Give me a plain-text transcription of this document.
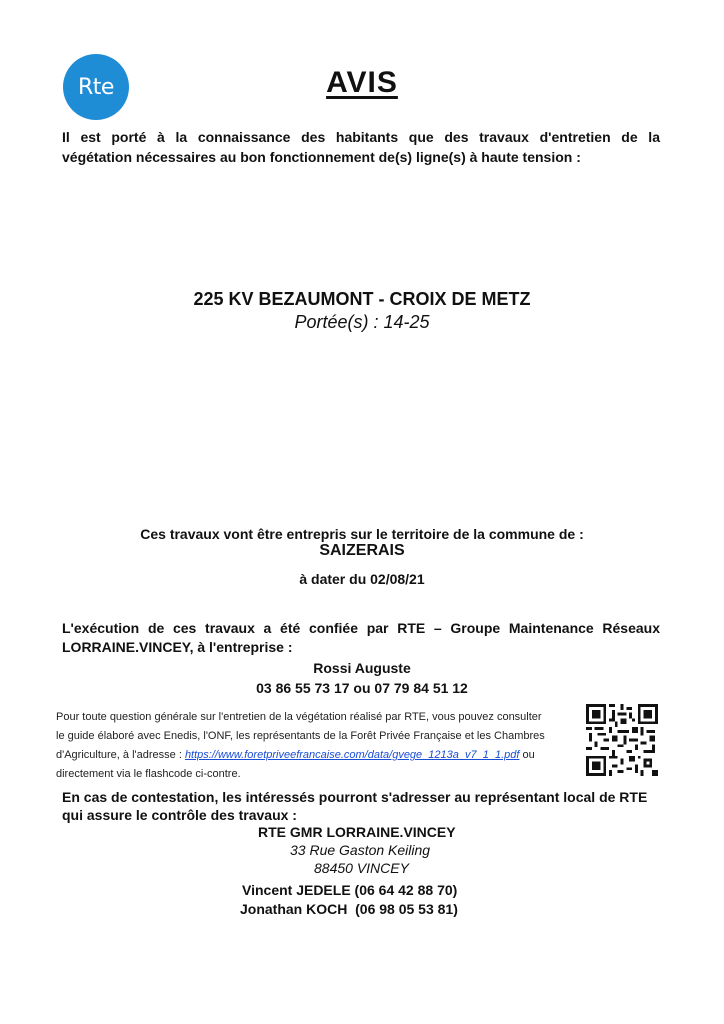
Rte	AVIS
Il est porté à la connaissance des habitants que des travaux d'entretien de la
végétation nécessaires au bon fonctionnement de(s) ligne(s) à haute tension :
225 KV BEZAUMONT - CROIX DE METZ
Portée(s) : 14-25
Ces travaux vont être entrepris sur le territoire de la commune de :
SAIZERAIS
à dater du 02/08/21
L'exécution de ces travaux a été confiée par RTE – Groupe Maintenance Réseaux
LORRAINE.VINCEY, à l'entreprise :
Rossi Auguste
03 86 55 73 17 ou 07 79 84 51 12
Pour toute question générale sur l'entretien de la végétation réalisé par RTE, vous pouvez consulter
le guide élaboré avec Enedis, l'ONF, les représentants de la Forêt Privée Française et les Chambres
d'Agriculture, à l'adresse : https://www.foretpriveefrancaise.com/data/gvege_1213a_v7_1_1.pdf ou
directement via le flashcode ci-contre.
En cas de contestation, les intéressés pourront s'adresser au représentant local de RTE
qui assure le contrôle des travaux :
RTE GMR LORRAINE.VINCEY
33 Rue Gaston Keiling
88450 VINCEY
Vincent JEDELE (06 64 42 88 70)
Jonathan KOCH  (06 98 05 53 81)
